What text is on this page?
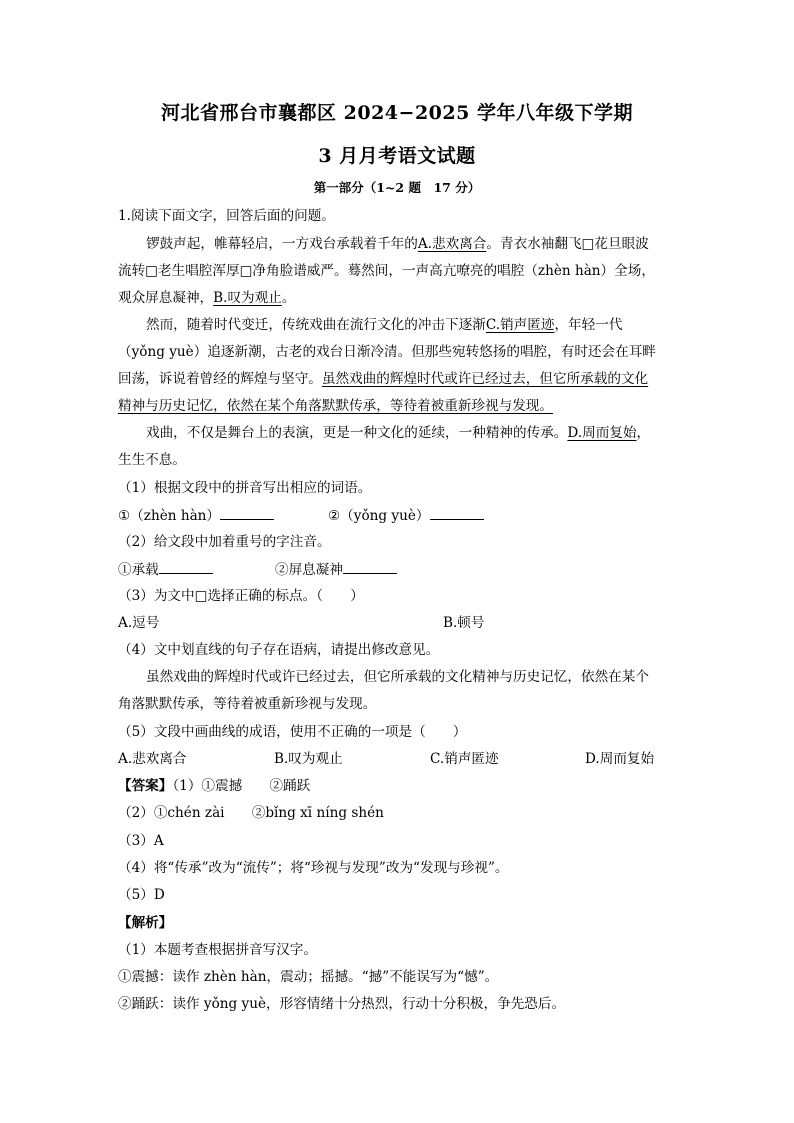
河北省邢台市襄都区 2024−2025 学年八年级下学期
3 月月考语文试题
第一部分（1~2 题　17 分）
1.阅读下面文字，回答后面的问题。
锣鼓声起，帷幕轻启，一方戏台承载着千年的A.悲欢离合。青衣水袖翻飞□花旦眼波
流转□老生唱腔浑厚□净角脸谱威严。蓦然间，一声高亢嘹亮的唱腔（zhèn hàn）全场，
观众屏息凝神，B.叹为观止。
然而，随着时代变迁，传统戏曲在流行文化的冲击下逐渐C.销声匿迹，年轻一代
（yǒng yuè）追逐新潮，古老的戏台日渐冷清。但那些宛转悠扬的唱腔，有时还会在耳畔
回荡，诉说着曾经的辉煌与坚守。虽然戏曲的辉煌时代或许已经过去，但它所承载的文化
精神与历史记忆，依然在某个角落默默传承，等待着被重新珍视与发现。
戏曲，不仅是舞台上的表演，更是一种文化的延续，一种精神的传承。D.周而复始，
生生不息。
（1）根据文段中的拼音写出相应的词语。
①（zhèn hàn）	②（yǒng yuè）
（2）给文段中加着重号的字注音。
①承载	②屏息凝神
（3）为文中□选择正确的标点。（　　）
A.逗号	B.顿号
（4）文中划直线的句子存在语病，请提出修改意见。
虽然戏曲的辉煌时代或许已经过去，但它所承载的文化精神与历史记忆，依然在某个
角落默默传承，等待着被重新珍视与发现。
（5）文段中画曲线的成语，使用不正确的一项是（　　）
A.悲欢离合	B.叹为观止	C.销声匿迹	D.周而复始
【答案】（1）①震撼　　②踊跃
（2）①chén zài　　②bǐng xī níng shén
（3）A
（4）将“传承”改为“流传”；将“珍视与发现”改为“发现与珍视”。
（5）D
【解析】
（1）本题考查根据拼音写汉字。
①震撼：读作 zhèn hàn，震动；摇撼。“撼”不能误写为“憾”。
②踊跃：读作 yǒng yuè，形容情绪十分热烈，行动十分积极，争先恐后。
